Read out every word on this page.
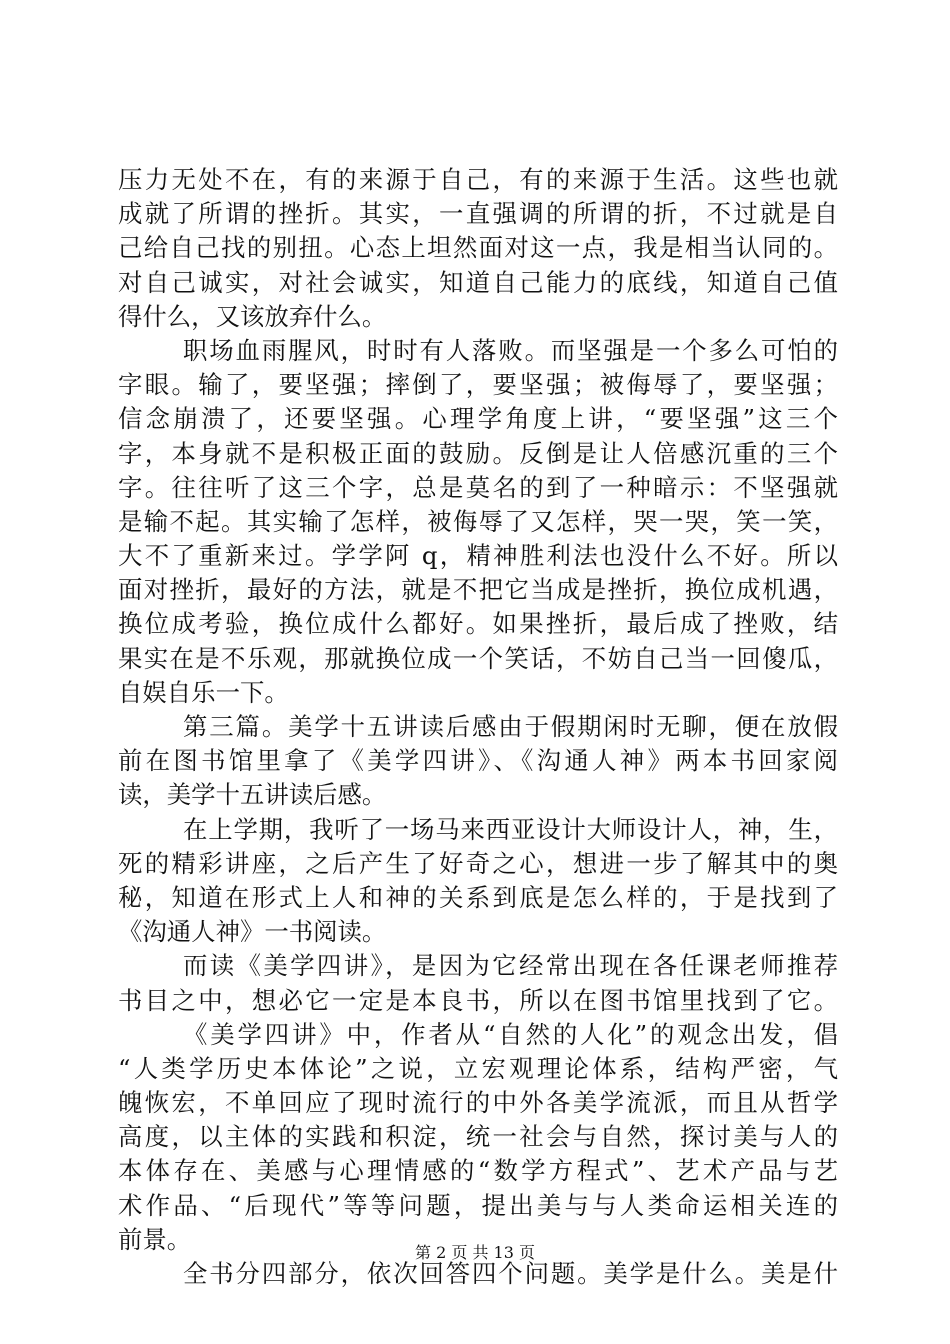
压力无处不在，有的来源于自己，有的来源于生活。这些也就
成就了所谓的挫折。其实，一直强调的所谓的折，不过就是自
己给自己找的别扭。心态上坦然面对这一点，我是相当认同的。
对自己诚实，对社会诚实，知道自己能力的底线，知道自己值
得什么，又该放弃什么。
职场血雨腥风，时时有人落败。而坚强是一个多么可怕的
字眼。输了，要坚强；摔倒了，要坚强；被侮辱了，要坚强；
信念崩溃了，还要坚强。心理学角度上讲，“要坚强”这三个
字，本身就不是积极正面的鼓励。反倒是让人倍感沉重的三个
字。往往听了这三个字，总是莫名的到了一种暗示：不坚强就
是输不起。其实输了怎样，被侮辱了又怎样，哭一哭，笑一笑，
大不了重新来过。学学阿 q，精神胜利法也没什么不好。所以
面对挫折，最好的方法，就是不把它当成是挫折，换位成机遇，
换位成考验，换位成什么都好。如果挫折，最后成了挫败，结
果实在是不乐观，那就换位成一个笑话，不妨自己当一回傻瓜，
自娱自乐一下。
第三篇。美学十五讲读后感由于假期闲时无聊，便在放假
前在图书馆里拿了《美学四讲》、《沟通人神》两本书回家阅
读，美学十五讲读后感。
在上学期，我听了一场马来西亚设计大师设计人，神，生，
死的精彩讲座，之后产生了好奇之心，想进一步了解其中的奥
秘，知道在形式上人和神的关系到底是怎么样的，于是找到了
《沟通人神》一书阅读。
而读《美学四讲》，是因为它经常出现在各任课老师推荐
书目之中，想必它一定是本良书，所以在图书馆里找到了它。
《美学四讲》中，作者从“自然的人化”的观念出发，倡
“人类学历史本体论”之说，立宏观理论体系，结构严密，气
魄恢宏，不单回应了现时流行的中外各美学流派，而且从哲学
高度，以主体的实践和积淀，统一社会与自然，探讨美与人的
本体存在、美感与心理情感的“数学方程式”、艺术产品与艺
术作品、“后现代”等等问题，提出美与与人类命运相关连的
前景。
全书分四部分，依次回答四个问题。美学是什么。美是什
第 2 页 共 13 页
